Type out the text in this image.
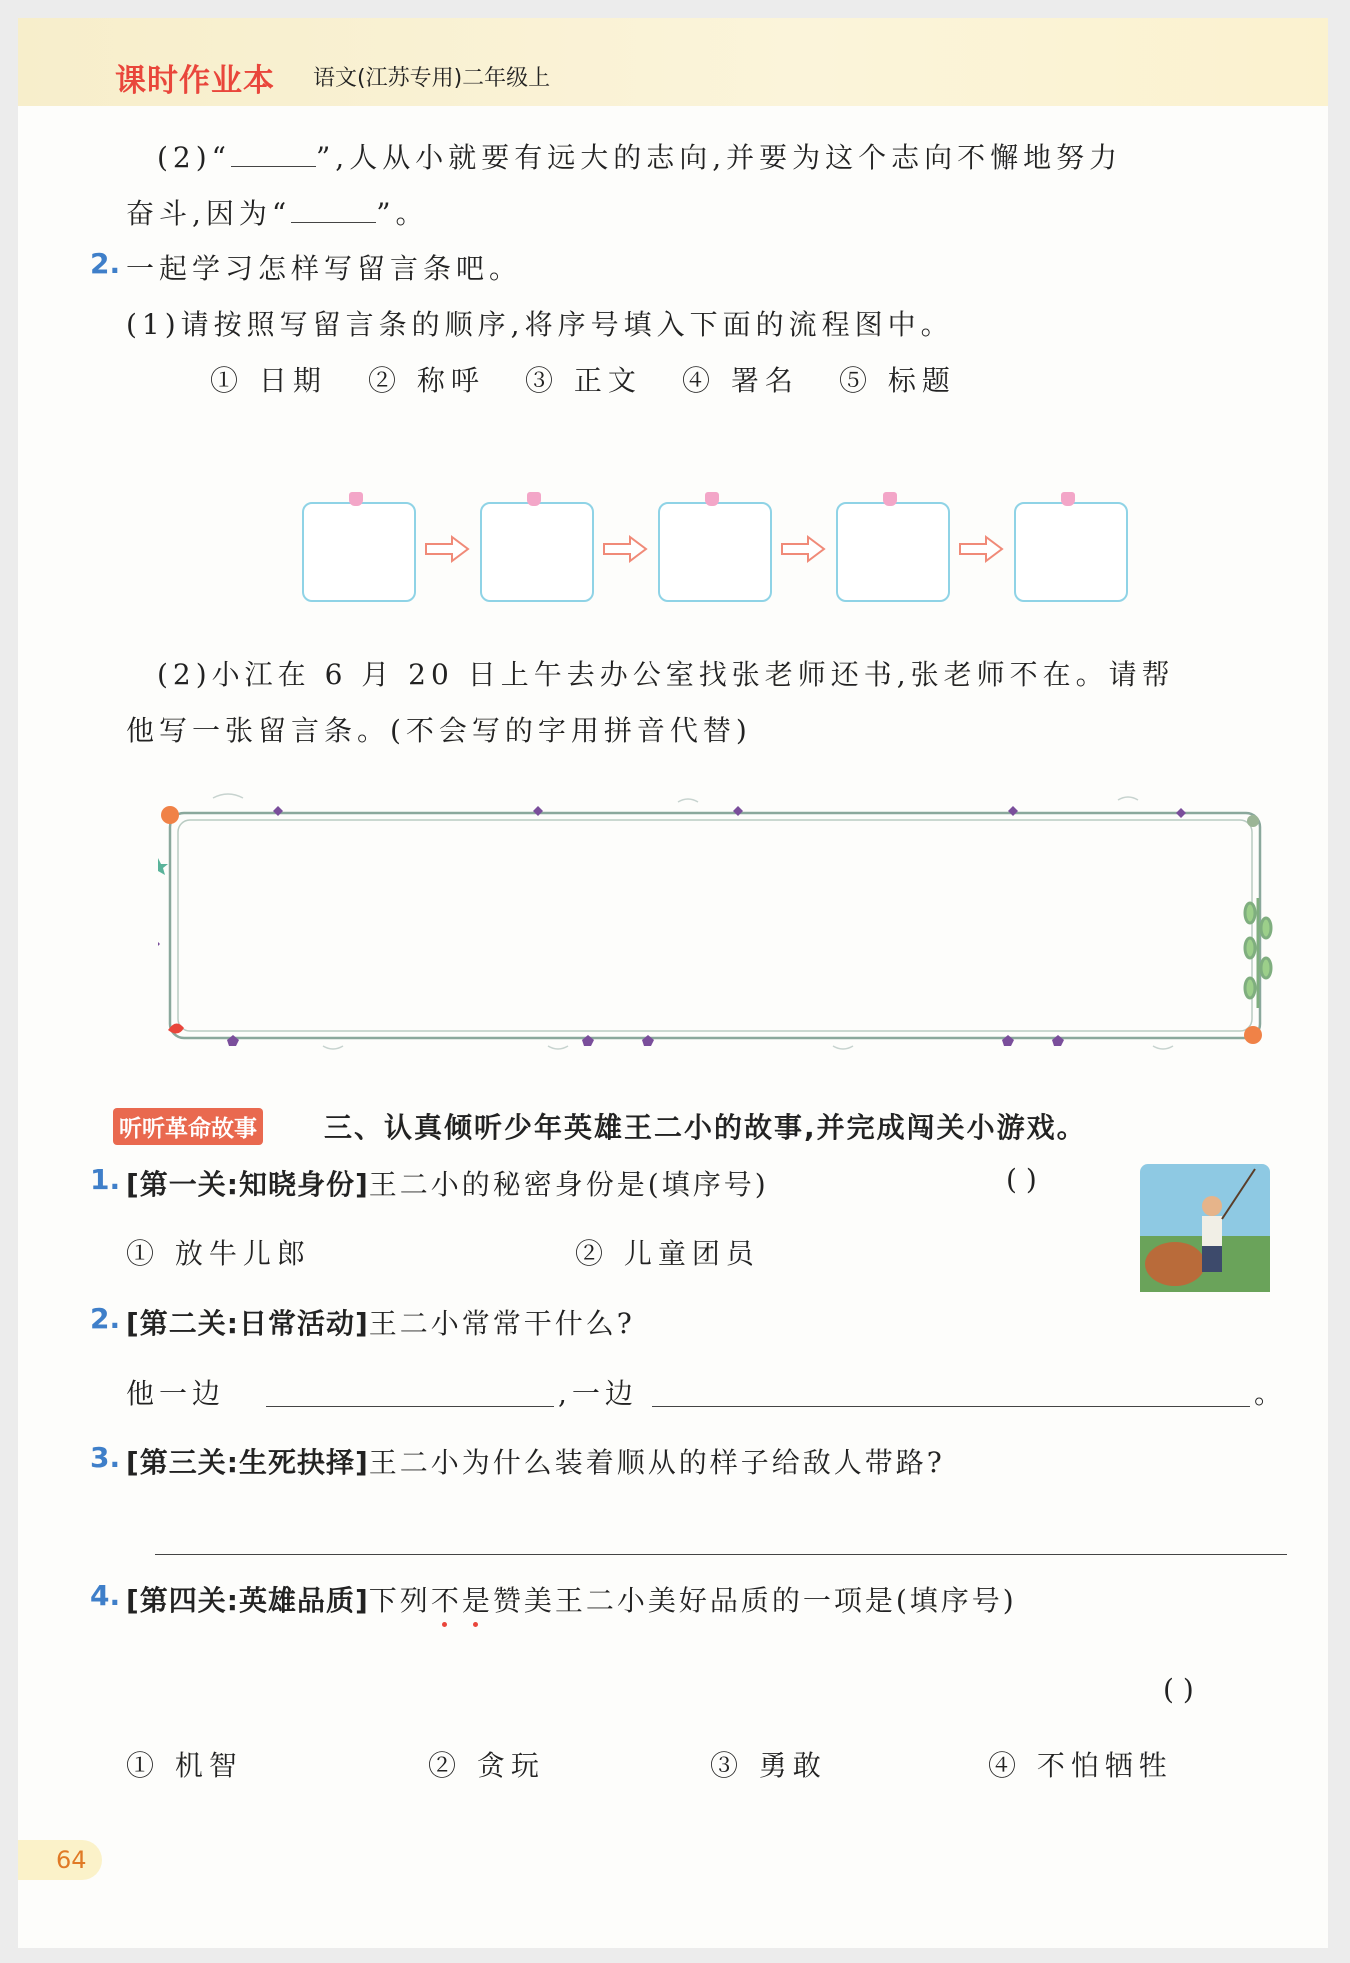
课时作业本 语文(江苏专用)二年级上
(2)“	”,人从小就要有远大的志向,并要为这个志向不懈地努力
奋斗,因为“	”。
2. 一起学习怎样写留言条吧。
(1)请按照写留言条的顺序,将序号填入下面的流程图中。
① 日期 ② 称呼 ③ 正文 ④ 署名 ⑤ 标题
(2)小江在 6 月 20 日上午去办公室找张老师还书,张老师不在。请帮
他写一张留言条。(不会写的字用拼音代替)
听听革命故事 三、认真倾听少年英雄王二小的故事,并完成闯关小游戏。
1. [第一关:知晓身份]王二小的秘密身份是(填序号)	( )
① 放牛儿郎	② 儿童团员
2. [第二关:日常活动]王二小常常干什么?
他一边	,一边	。
3. [第三关:生死抉择]王二小为什么装着顺从的样子给敌人带路?
4. [第四关:英雄品质]下列不是赞美王二小美好品质的一项是(填序号)
( )
① 机智	② 贪玩	③ 勇敢	④ 不怕牺牲
64
